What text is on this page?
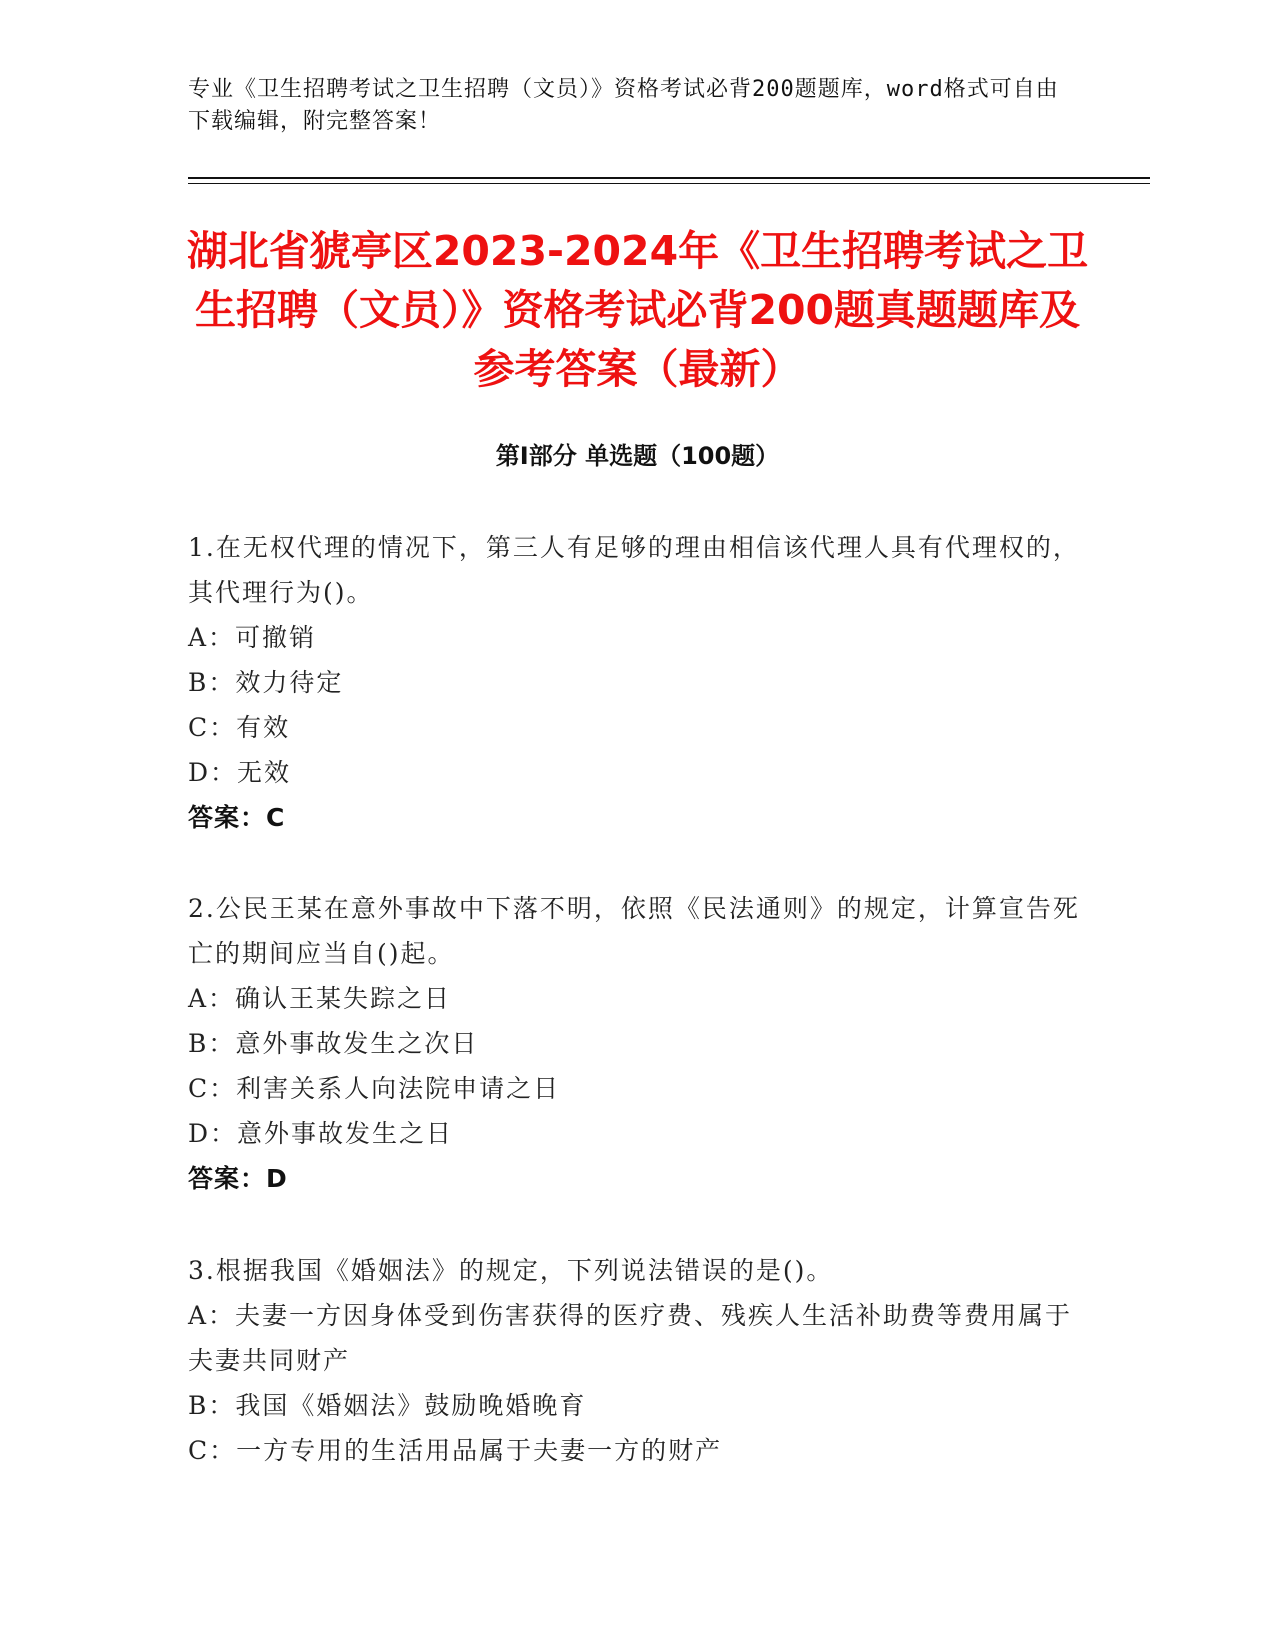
专业《卫生招聘考试之卫生招聘（文员）》资格考试必背200题题库，word格式可自由下载编辑，附完整答案！
湖北省猇亭区2023-2024年《卫生招聘考试之卫生招聘（文员）》资格考试必背200题真题题库及参考答案（最新）
第Ⅰ部分 单选题（100题）
1.在无权代理的情况下，第三人有足够的理由相信该代理人具有代理权的，其代理行为()。
A：可撤销
B：效力待定
C：有效
D：无效
答案：C
2.公民王某在意外事故中下落不明，依照《民法通则》的规定，计算宣告死亡的期间应当自()起。
A：确认王某失踪之日
B：意外事故发生之次日
C：利害关系人向法院申请之日
D：意外事故发生之日
答案：D
3.根据我国《婚姻法》的规定，下列说法错误的是()。
A：夫妻一方因身体受到伤害获得的医疗费、残疾人生活补助费等费用属于夫妻共同财产
B：我国《婚姻法》鼓励晚婚晚育
C：一方专用的生活用品属于夫妻一方的财产
